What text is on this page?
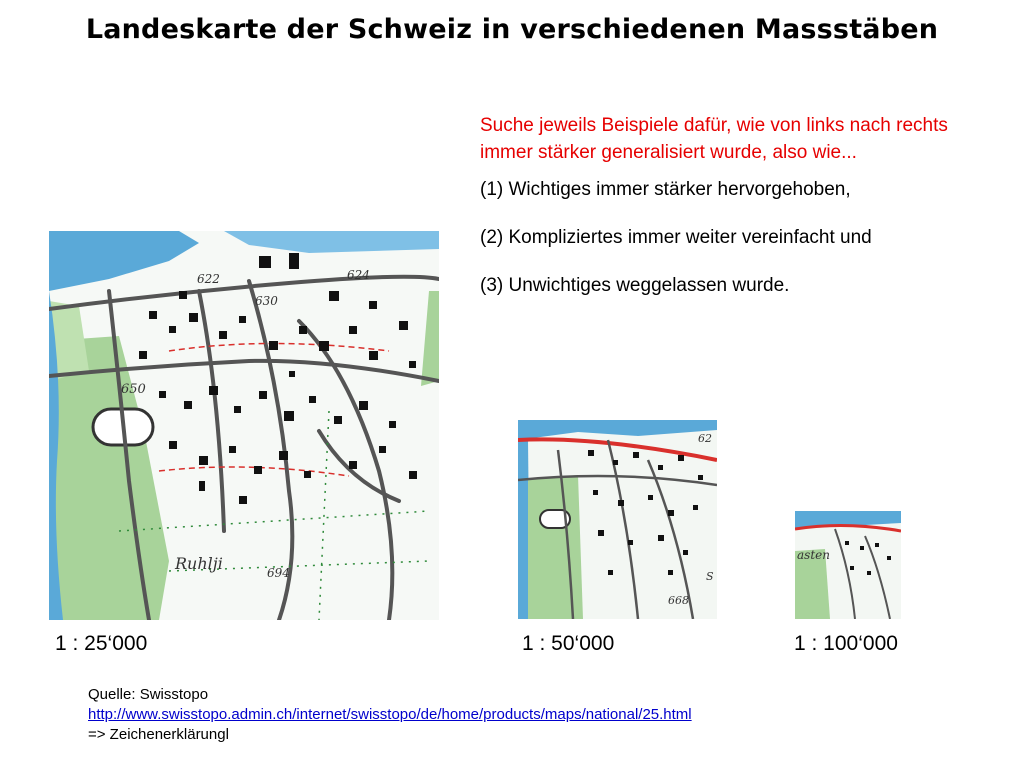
Landeskarte der Schweiz in verschiedenen Massstäben

Suche jeweils Beispiele dafür, wie von links nach rechts immer stärker generalisiert wurde, also wie...

(1) Wichtiges immer stärker hervorgehoben,

(2) Kompliziertes immer weiter vereinfacht und

(3) Unwichtiges weggelassen wurde.

622	624
630
650
694
Ruhlji
62
668
S
asten
1 : 25‘000	1 : 50‘000	1 : 100‘000
Quelle: Swisstopo
http://www.swisstopo.admin.ch/internet/swisstopo/de/home/products/maps/national/25.html
=> Zeichenerklärungl
